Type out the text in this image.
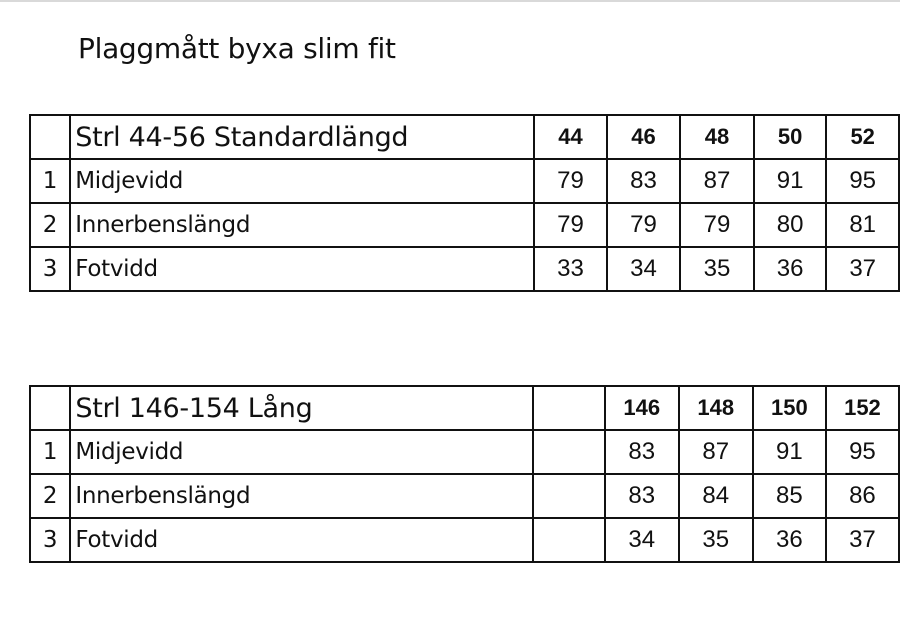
Plaggmått byxa slim fit
	Strl 44-56 Standardlängd	44	46	48	50	52
1	Midjevidd	79	83	87	91	95
2	Innerbenslängd	79	79	79	80	81
3	Fotvidd	33	34	35	36	37
	Strl 146-154 Lång		146	148	150	152
1	Midjevidd		83	87	91	95
2	Innerbenslängd		83	84	85	86
3	Fotvidd		34	35	36	37
